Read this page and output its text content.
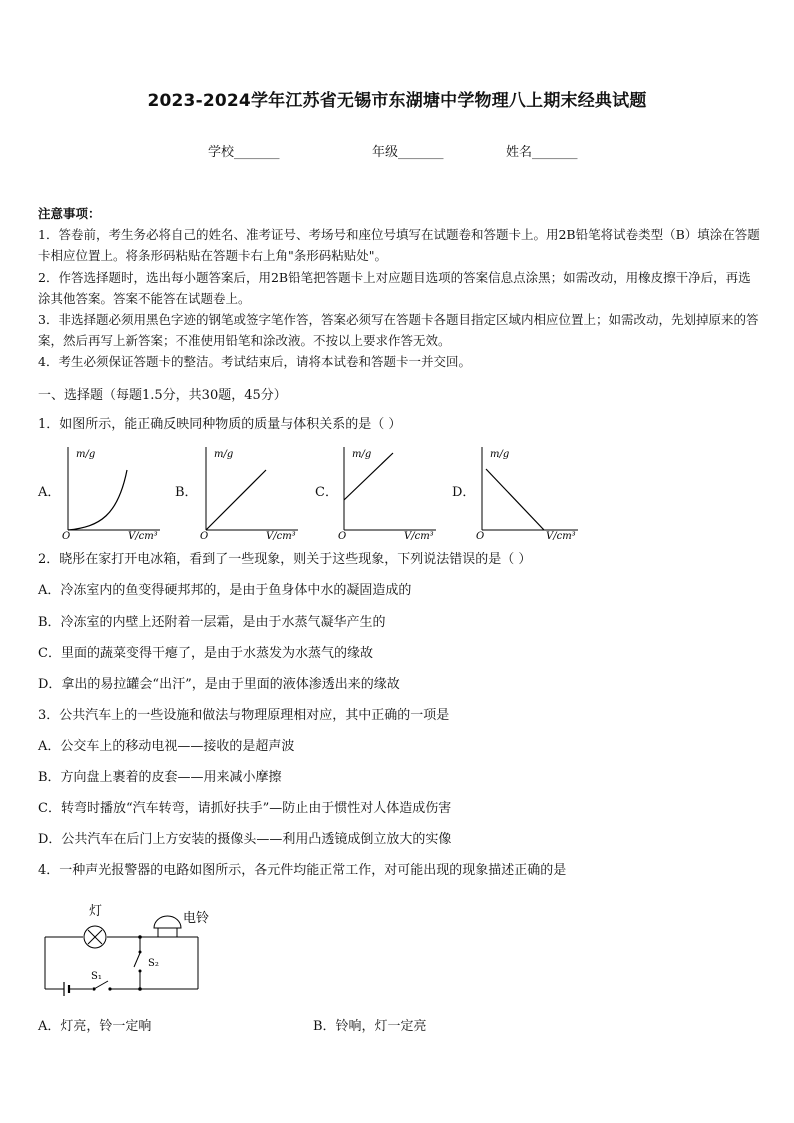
2023-2024学年江苏省无锡市东湖塘中学物理八上期末经典试题
学校_______	年级_______	姓名_______
注意事项：
1．答卷前，考生务必将自己的姓名、准考证号、考场号和座位号填写在试题卷和答题卡上。用2B铅笔将试卷类型（B）填涂在答题卡相应位置上。将条形码粘贴在答题卡右上角"条形码粘贴处"。
2．作答选择题时，选出每小题答案后，用2B铅笔把答题卡上对应题目选项的答案信息点涂黑；如需改动，用橡皮擦干净后，再选涂其他答案。答案不能答在试题卷上。
3．非选择题必须用黑色字迹的钢笔或签字笔作答，答案必须写在答题卡各题目指定区域内相应位置上；如需改动，先划掉原来的答案，然后再写上新答案；不准使用铅笔和涂改液。不按以上要求作答无效。
4．考生必须保证答题卡的整洁。考试结束后，请将本试卷和答题卡一并交回。
一、选择题（每题1.5分，共30题，45分）
1．如图所示，能正确反映同种物质的质量与体积关系的是（ ）
A．
m/g
O	V/cm³
B．
m/g
O	V/cm³
C．
m/g
O	V/cm³
D．
m/g
O	V/cm³
2．晓彤在家打开电冰箱，看到了一些现象，则关于这些现象，下列说法错误的是（ ）
A．冷冻室内的鱼变得硬邦邦的，是由于鱼身体中水的凝固造成的
B．冷冻室的内壁上还附着一层霜，是由于水蒸气凝华产生的
C．里面的蔬菜变得干瘪了，是由于水蒸发为水蒸气的缘故
D．拿出的易拉罐会“出汗”，是由于里面的液体渗透出来的缘故
3．公共汽车上的一些设施和做法与物理原理相对应，其中正确的一项是
A．公交车上的移动电视——接收的是超声波
B．方向盘上裹着的皮套——用来减小摩擦
C．转弯时播放“汽车转弯，请抓好扶手”—防止由于惯性对人体造成伤害
D．公共汽车在后门上方安装的摄像头——利用凸透镜成倒立放大的实像
4．一种声光报警器的电路如图所示，各元件均能正常工作，对可能出现的现象描述正确的是
灯	电铃
S₁
S₂
A．灯亮，铃一定响	B．铃响，灯一定亮
